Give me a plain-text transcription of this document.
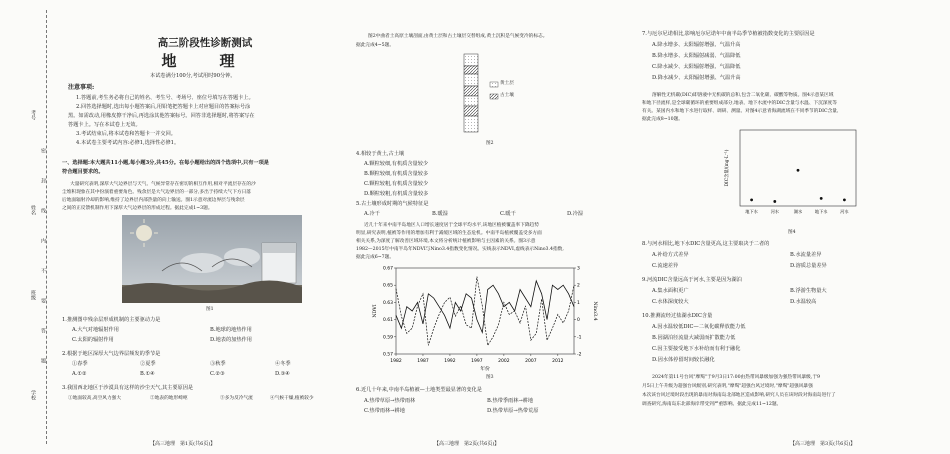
考号
姓名
班级
学校
密
封
线
内
不
要
答
题
高三阶段性诊断测试
地　理
本试卷满分100分,考试用时90分钟。
注意事项:
1.答题前,考生务必将自己的姓名、考生号、考场号、座位号填写在答题卡上。
2.回答选择题时,选出每小题答案后,用铅笔把答题卡上对应题目的答案标号涂
黑。如需改动,用橡皮擦干净后,再选涂其他答案标号。回答非选择题时,将答案写在
答题卡上。写在本试卷上无效。
3.考试结束后,将本试卷和答题卡一并交回。
4.本试卷主要考试内容:必修1,选择性必修1。
一、选择题:本大题共11小题,每小题3分,共45分。在每小题给出的四个选项中,只有一项是
符合题目要求的。
大量研究表明,深厚大气边界层与天气、气候异常存在密切的相互作用,相对平流层存在的沙
尘堆积现象在其中扮演着重要角色。残余层是大气边界层的一部分,多出于持续大气下方日落
后地面辐射冷却的影响,维持了边界层内部热量的向上输送。图1示意对流边界层与残余层
之间的正反馈机制作用下深厚大气边界层的形成过程。据此完成1~3题。
图1
1.推测图中残余层形成机制的主要驱动力是
A.大气对地辐射作用	B.地球的地热作用
C.太阳的辐射作用	D.地表的加热作用
2.根据于地区深厚大气边界层频发的季节是
①春季	②夏季	③秋季	④冬季
A.①②	B.①④	C.②③	D.③④
3.我国西北地区于沙漠具有这样的沙尘天气,其主要原因是
①地面较高,高空风力强大	②地表的地形崎岖	③多为反冷气流	④气候干燥,植被较少
【高三地理　第1页(共6页)】
图2中曲者土高原土壤剖面,由黄土层和古土壤层交替组成,黄土沉积是气候变冷的标志。
据此完成4~5题。
黄土层
古土壤
图2
4.相较于黄土,古土壤
A.颗粒较细,有机质含量较少
B.颗粒较细,有机质含量较多
C.颗粒较粗,有机质含量较少
D.颗粒较粗,有机质含量较多
5.古土壤形成时期的气候特征是
A.冷干	B.暖湿	C.暖干	D.冷湿
近几十年来中南半岛地区人口增长速度居于全球平均水平,该地区植被覆盖率下降趋势
明显,研究表明,植被等作用的增加有利于减缓区域的生态危机。中南半岛植被覆盖受多方面
相关关系,为深度了解改善区域环境,本文将分析统计植被影响与主因素的关系。图3示意
1982—2015年中南半岛年NDVI与Nino3.4指数变化情况。实线表示NDVI,虚线表示Nino3.4指数,
据此完成6~7题。
0.57
0.59
0.61
0.63
0.65
0.67
-2
-1
0
1
2
3
1982	1987	1992	1997	2002	2007	2012
年份
NDVI	Nino3.4
图3
6.近几十年来,中南半岛植被—土地类型最显著的变化是
A.热带草原→热带雨林	B.热带季雨林→耕地
C.热带雨林→耕地	D.热带草原→热带荒原
【高三地理　第2页(共6页)】
7.与厄尔尼诺相比,影响厄尔尼诺年中南半岛季节植被指数变化的主要原因是
A.降水增多、太阳辐射增强、气温升高
B.降水增多、太阳辐射减弱、气温降低
C.降水减少、太阳辐射增强、气温降低
D.降水减少、太阳辐射增强、气温升高
溶解性无机碳(DIC)即溶液中无机碳的总和,包含二氧化碳、碳酸等物质。图4示意某区域
和地下径流样,是全球碳循环的重要组成部分,地表、地下水流中的DIC含量与水温、下沉深度等
有关。某国内水和地下水进行取样、调研、测量。对图4示意青海湖流域在不同季节的DIC含量,
据此完成8~10题。
DIC含量/(mg·L⁻¹)
地下水	河水	湖水	地下水	河水
图4
8.与河水相比,地下水DIC含量更高,这主要取决于二者的
A.补给方式差异	B.水流量差异
C.流速差异	D.溶质总量差异
9.河流DIC含量远高于河水,主要是因为湖泊
A.集水面积更广	B.浮游生物量大
C.水体深度较大	D.水温较高
10.推测流经过盐湖水DIC含量
A.因水温较低DIC—二氧化碳释放能力低
B.因湖泊径流量大减弱而扩散能力低
C.因主要接受地下水补给而有利于融化
D.因水体停留时间较长融化
2024年第11号台风"摩羯"于9月3日17:00由热带风暴级加强为强热带风暴级,于9
月5日上午升级为超强台风级别,研究表明,"摩羯"超强台风过境时,"摩羯"超强风暴强
本次该台风过境时段出现的暴雨对海南岛北部地区造成影响,研究人员在该时段对海南岛进行了
调查研究,海南岛东北部海岸带受到严重影响。据此完成11~12题。
【高三地理　第3页(共6页)】
